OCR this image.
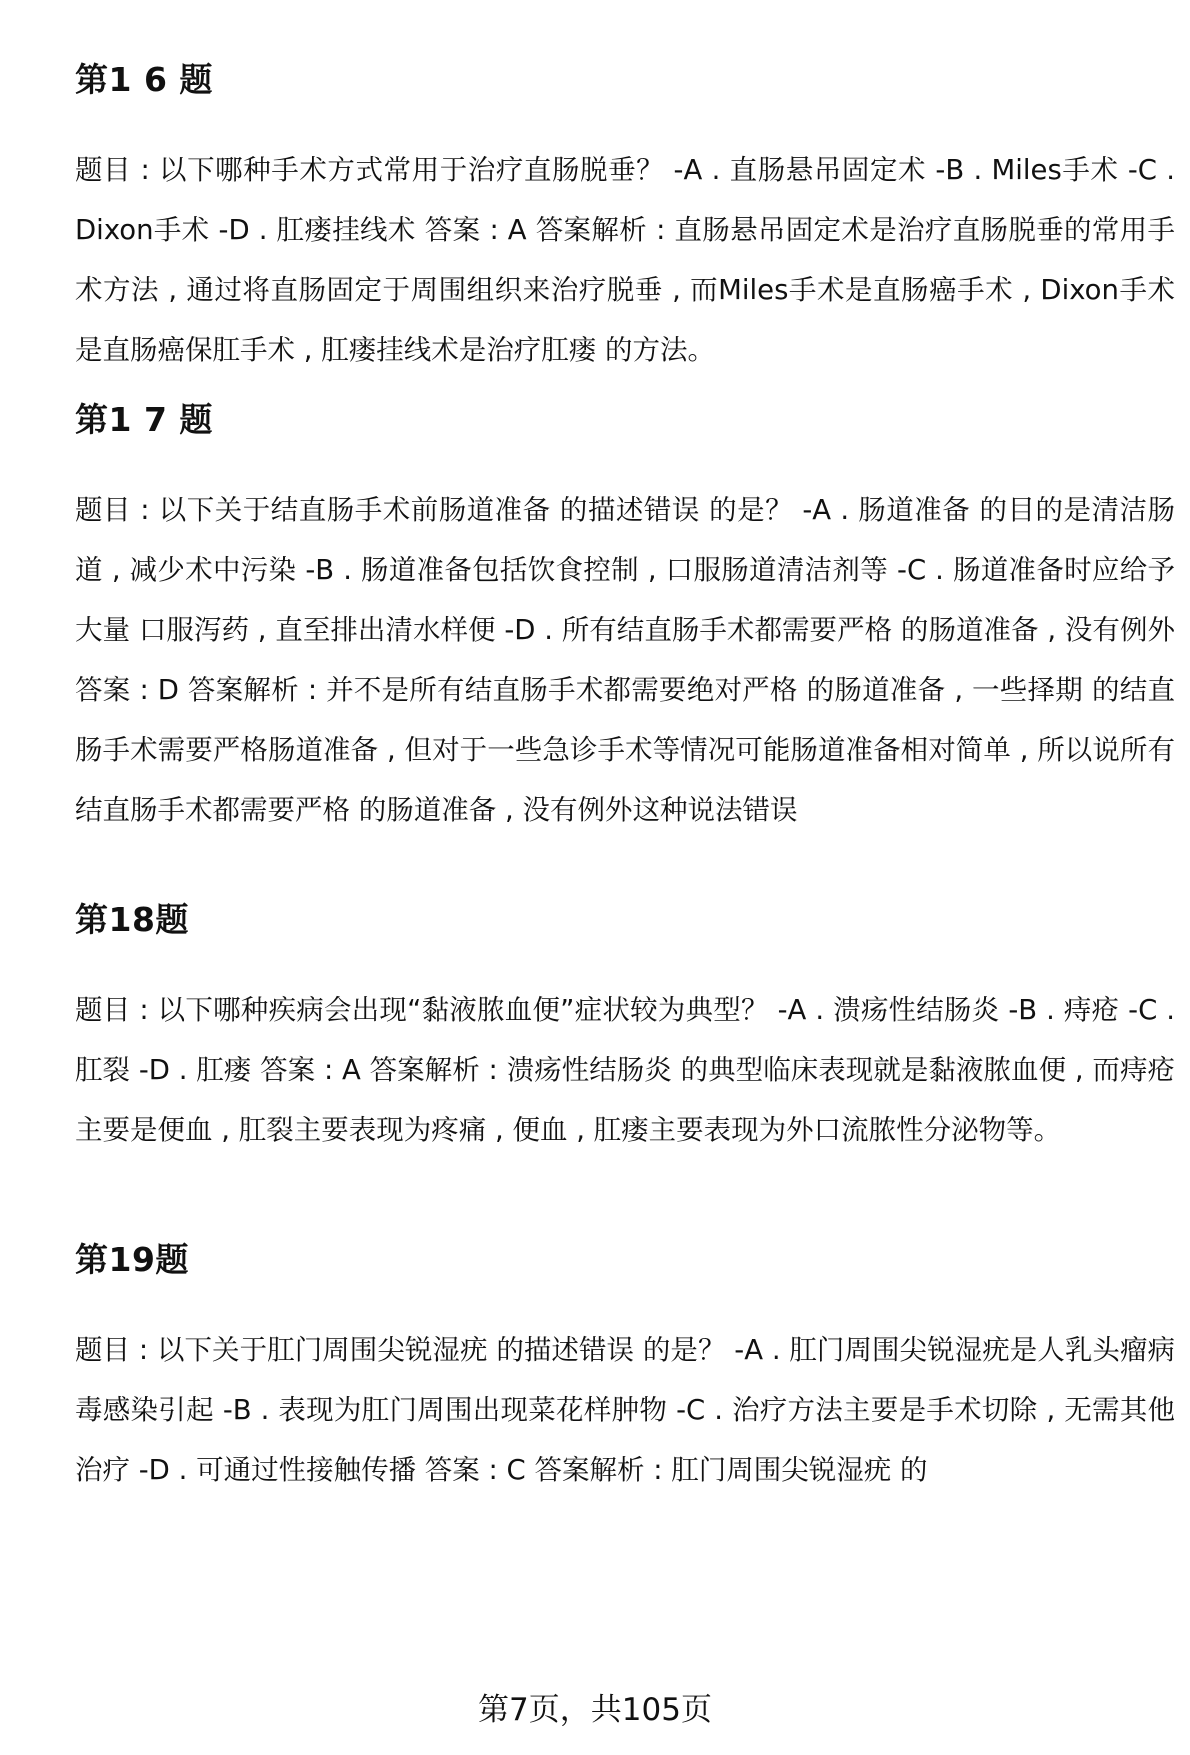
第1 6 题

题目 : 以下哪种手术方式常用于治疗直肠脱垂？ -A . 直肠悬吊固定术 -B . Miles手术 -C . Dixon手术 -D . 肛瘘挂线术 答案 : A 答案解析 : 直肠悬吊固定术是治疗直肠脱垂的常用手术方法 , 通过将直肠固定于周围组织来治疗脱垂 , 而Miles手术是直肠癌手术 , Dixon手术是直肠癌保肛手术 , 肛瘘挂线术是治疗肛瘘 的方法。

第1 7 题

题目 : 以下关于结直肠手术前肠道准备 的描述错误 的是？ -A . 肠道准备 的目的是清洁肠道 , 减少术中污染 -B . 肠道准备包括饮食控制 , 口服肠道清洁剂等 -C . 肠道准备时应给予大量 口服泻药 , 直至排出清水样便 -D . 所有结直肠手术都需要严格 的肠道准备 , 没有例外 答案 : D 答案解析 : 并不是所有结直肠手术都需要绝对严格 的肠道准备 , 一些择期 的结直肠手术需要严格肠道准备 , 但对于一些急诊手术等情况可能肠道准备相对简单 , 所以说所有结直肠手术都需要严格 的肠道准备 , 没有例外这种说法错误

第18题

题目 : 以下哪种疾病会出现“黏液脓血便”症状较为典型？ -A . 溃疡性结肠炎 -B . 痔疮 -C . 肛裂 -D . 肛瘘 答案 : A 答案解析 : 溃疡性结肠炎 的典型临床表现就是黏液脓血便 , 而痔疮主要是便血 , 肛裂主要表现为疼痛 , 便血 , 肛瘘主要表现为外口流脓性分泌物等。

第19题

题目 : 以下关于肛门周围尖锐湿疣 的描述错误 的是？ -A . 肛门周围尖锐湿疣是人乳头瘤病毒感染引起 -B . 表现为肛门周围出现菜花样肿物 -C . 治疗方法主要是手术切除 , 无需其他治疗 -D . 可通过性接触传播 答案 : C 答案解析 : 肛门周围尖锐湿疣 的

第7页，共105页
